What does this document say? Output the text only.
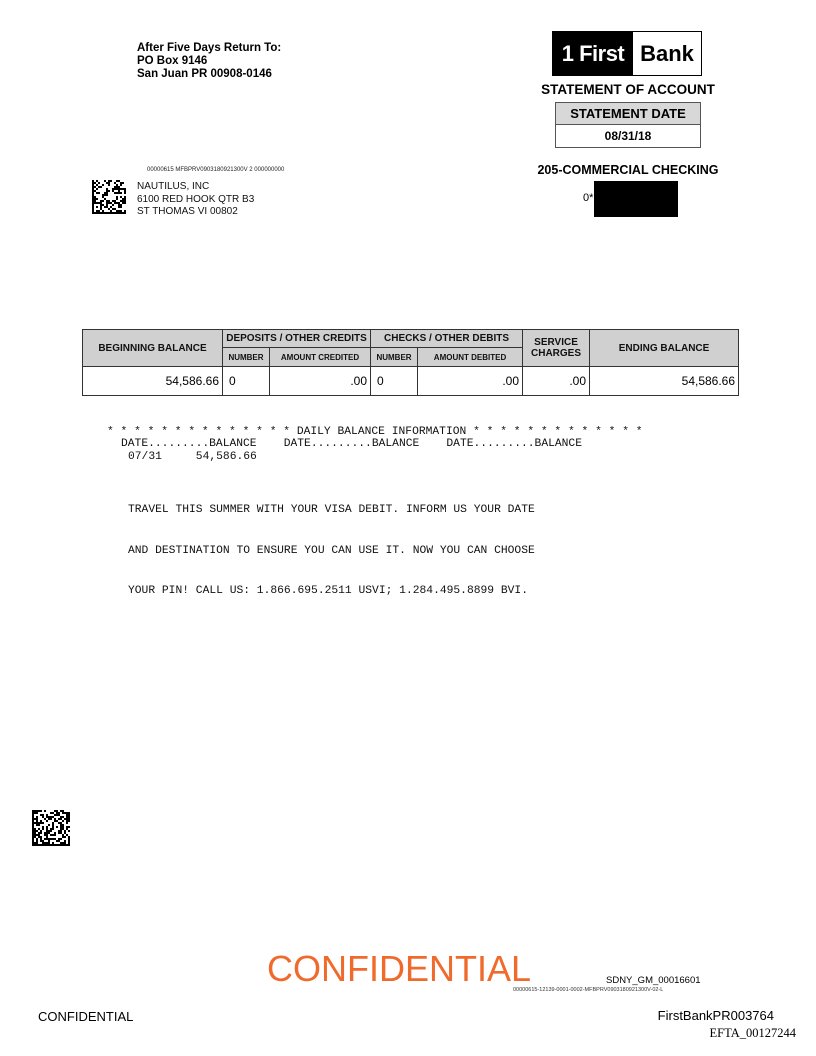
After Five Days Return To:
PO Box 9146
San Juan PR 00908-0146
1 First Bank
STATEMENT OF ACCOUNT
STATEMENT DATE
08/31/18
205-COMMERCIAL CHECKING
0*
00000615 MFBPRV0903180921300V 2 000000000
NAUTILUS, INC
6100 RED HOOK QTR B3
ST THOMAS VI 00802
BEGINNING BALANCE	DEPOSITS / OTHER CREDITS		CHECKS / OTHER DEBITS		SERVICE CHARGES	ENDING BALANCE
	NUMBER	AMOUNT CREDITED	NUMBER	AMOUNT DEBITED		
54,586.66	0	.00	0	.00	.00	54,586.66
* * * * * * * * * * * * * * DAILY BALANCE INFORMATION * * * * * * * * * * * * *
DATE.........BALANCE    DATE.........BALANCE    DATE.........BALANCE
07/31     54,586.66

TRAVEL THIS SUMMER WITH YOUR VISA DEBIT. INFORM US YOUR DATE

AND DESTINATION TO ENSURE YOU CAN USE IT. NOW YOU CAN CHOOSE

YOUR PIN! CALL US: 1.866.695.2511 USVI; 1.284.495.8899 BVI.

CONFIDENTIAL	SDNY_GM_00016601
00000615-12139-0001-0002-MFBPRV0903180921300V-02-L
CONFIDENTIAL	FirstBankPR003764
EFTA_00127244
